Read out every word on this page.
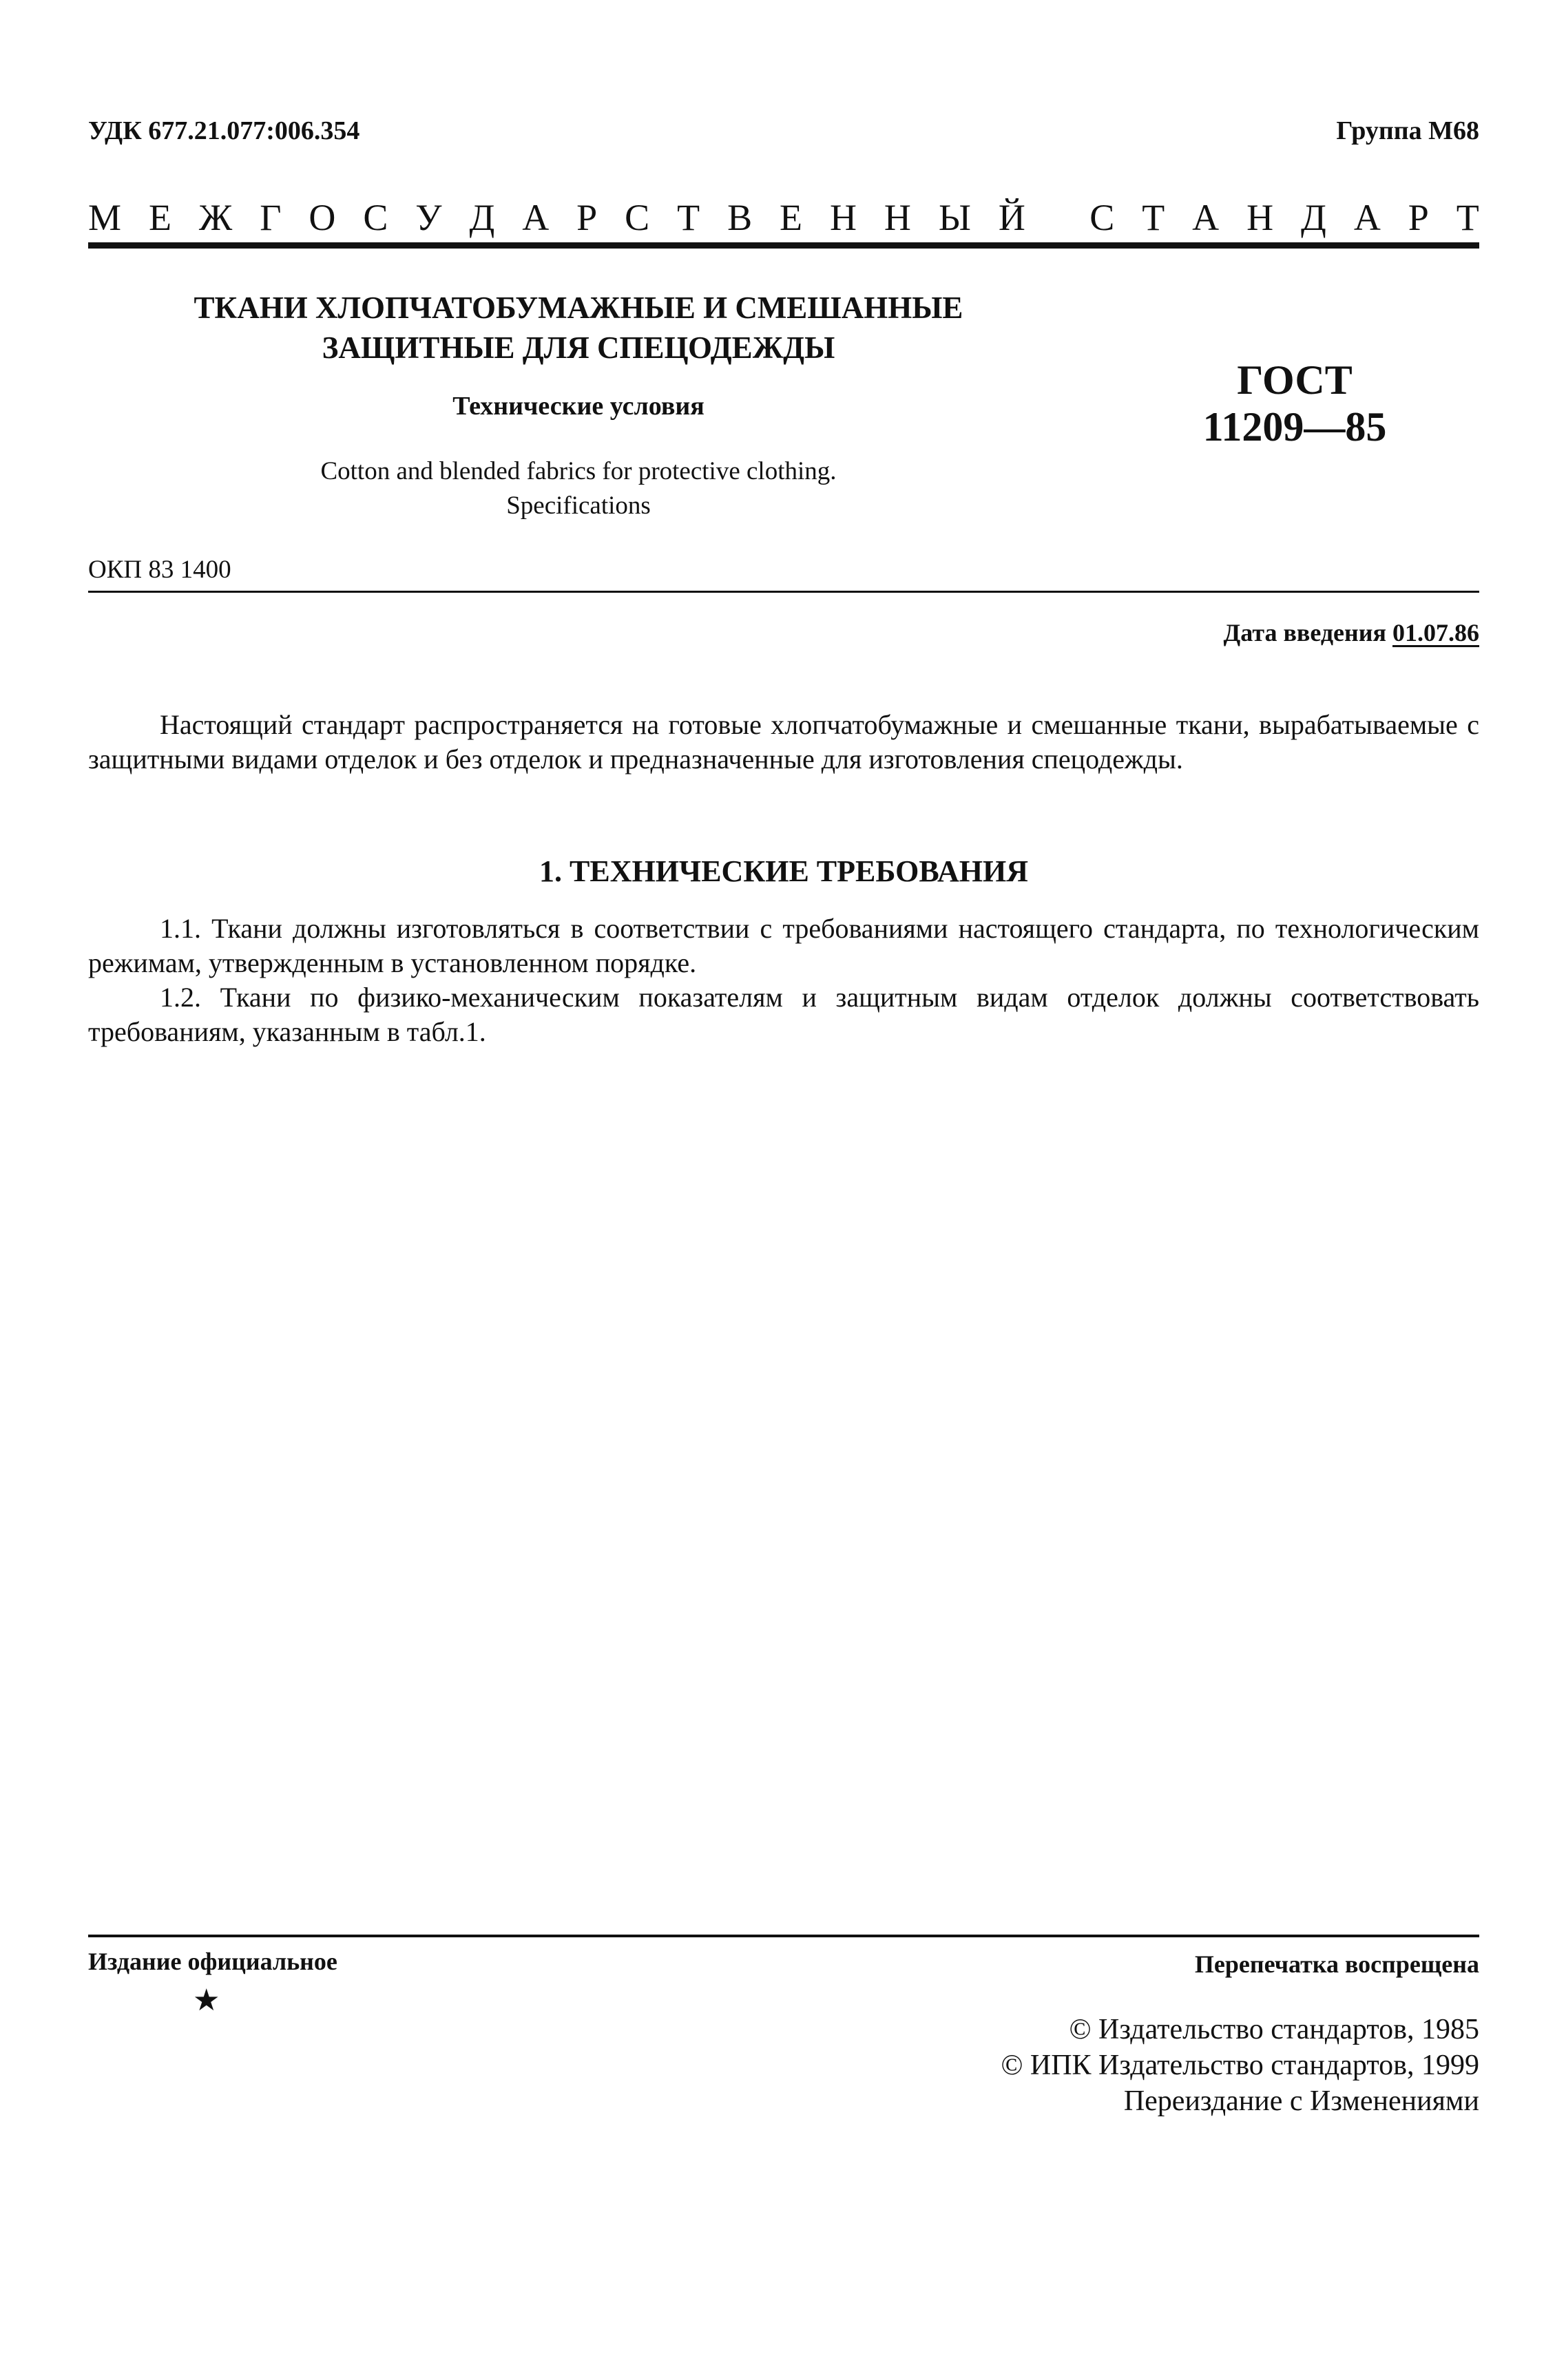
УДК 677.21.077:006.354	Группа М68
М Е Ж Г О С У Д А Р С Т В Е Н Н Ы Й
С Т А Н Д А Р Т
ТКАНИ ХЛОПЧАТОБУМАЖНЫЕ И СМЕШАННЫЕ
ЗАЩИТНЫЕ ДЛЯ СПЕЦОДЕЖДЫ
Технические условия
ГОСТ
11209—85
Cotton and blended fabrics for protective clothing.
Specifications
ОКП 83 1400
Дата введения 01.07.86

Настоящий стандарт распространяется на готовые хлопчатобумажные и смешанные ткани, вырабатываемые с защитными видами отделок и без отделок и предназначенные для изготовления спецодежды.

1. ТЕХНИЧЕСКИЕ ТРЕБОВАНИЯ

1.1. Ткани должны изготовляться в соответствии с требованиями настоящего стандарта, по технологическим режимам, утвержденным в установленном порядке.

1.2. Ткани по физико-механическим показателям и защитным видам отделок должны соответствовать требованиям, указанным в табл.1.

Издание официальное
★
Перепечатка воспрещена
© Издательство стандартов, 1985
© ИПК Издательство стандартов, 1999
Переиздание с Изменениями
